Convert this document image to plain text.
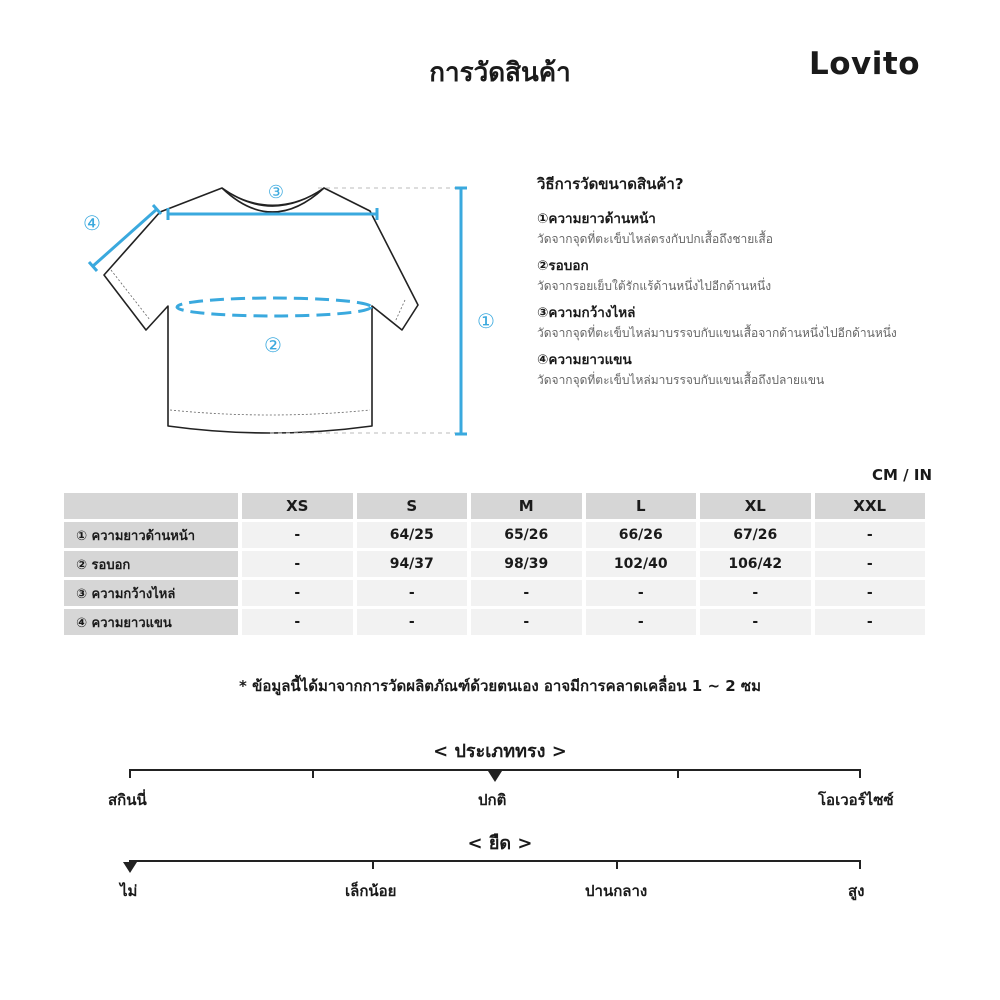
การวัดสินค้า	Lovito
①
②
③
④
วิธีการวัดขนาดสินค้า?
①ความยาวด้านหน้า
วัดจากจุดที่ตะเข็บไหล่ตรงกับปกเสื้อถึงชายเสื้อ
②รอบอก
วัดจากรอยเย็บใต้รักแร้ด้านหนึ่งไปอีกด้านหนึ่ง
③ความกว้างไหล่
วัดจากจุดที่ตะเข็บไหล่มาบรรจบกับแขนเสื้อจากด้านหนึ่งไปอีกด้านหนึ่ง
④ความยาวแขน
วัดจากจุดที่ตะเข็บไหล่มาบรรจบกับแขนเสื้อถึงปลายแขน
CM / IN
	XS	S	M	L	XL	XXL
① ความยาวด้านหน้า	-	64/25	65/26	66/26	67/26	-
② รอบอก	-	94/37	98/39	102/40	106/42	-
③ ความกว้างไหล่	-	-	-	-	-	-
④ ความยาวแขน	-	-	-	-	-	-
* ข้อมูลนี้ได้มาจากการวัดผลิตภัณฑ์ด้วยตนเอง อาจมีการคลาดเคลื่อน 1 ~ 2 ซม
< ประเภททรง >
สกินนี่	ปกติ	โอเวอร์ไซซ์
< ยืด >
ไม่	เล็กน้อย	ปานกลาง	สูง
